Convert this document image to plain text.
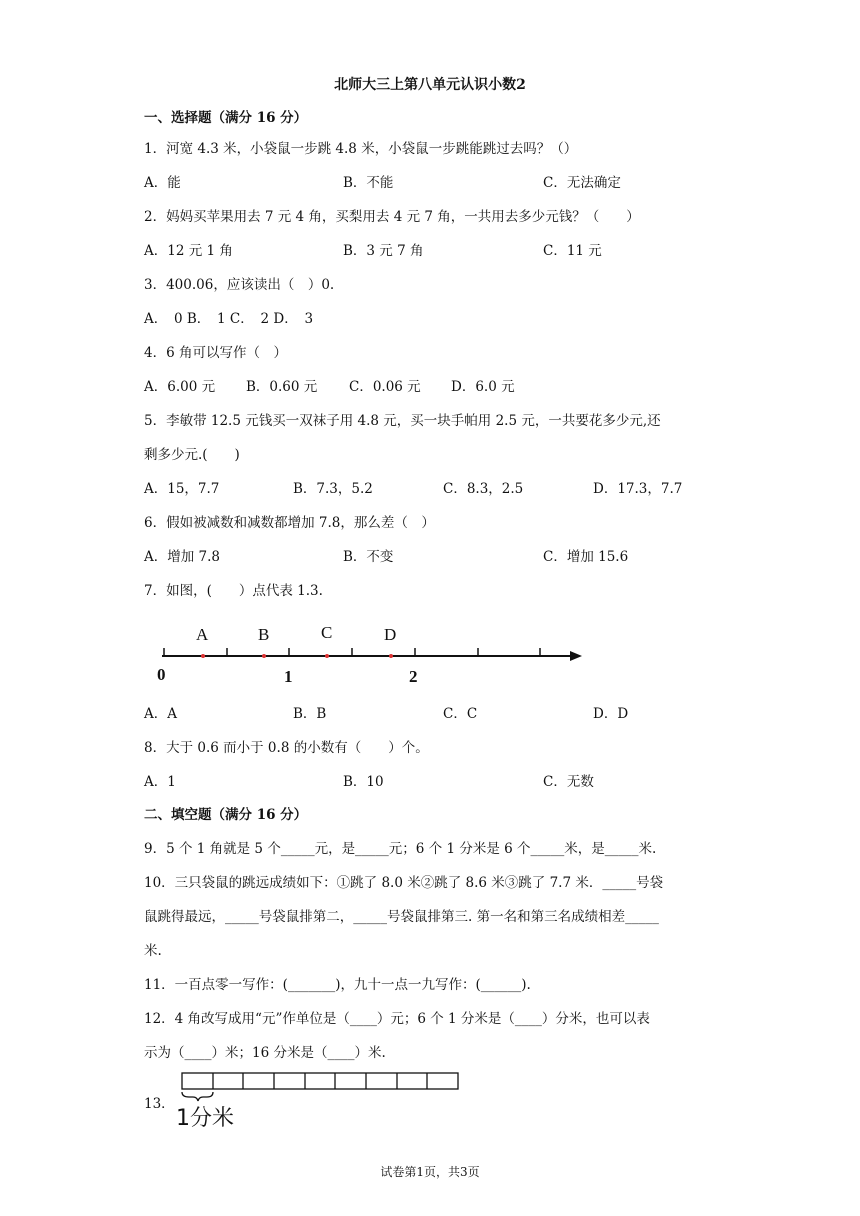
北师大三上第八单元认识小数2
一、选择题（满分 16 分）
1．河宽 4.3 米，小袋鼠一步跳 4.8 米，小袋鼠一步跳能跳过去吗？（）
A．能	B．不能	C．无法确定
2．妈妈买苹果用去 7 元 4 角，买梨用去 4 元 7 角，一共用去多少元钱？（　　）
A．12 元 1 角	B．3 元 7 角	C．11 元
3．400.06，应该读出（　）0.
A．　0 B．　1 C．　2 D．　3
4．6 角可以写作（　）
A．6.00 元 B．0.60 元 C．0.06 元 D．6.0 元
5．李敏带 12.5 元钱买一双袜子用 4.8 元，买一块手帕用 2.5 元，一共要花多少元,还
剩多少元.(　　)
A．15，7.7	B．7.3，5.2	C．8.3，2.5	D．17.3，7.7
6．假如被减数和减数都增加 7.8，那么差（　）
A．增加 7.8	B．不变	C．增加 15.6
7．如图，(　　）点代表 1.3.
A	B	C	D
0	1	2
A．A	B．B	C．C	D．D
8．大于 0.6 而小于 0.8 的小数有（　　）个。
A．1	B．10	C．无数
二、填空题（满分 16 分）
9．5 个 1 角就是 5 个_____元，是_____元；6 个 1 分米是 6 个_____米，是_____米.
10．三只袋鼠的跳远成绩如下：①跳了 8.0 米②跳了 8.6 米③跳了 7.7 米．_____号袋
鼠跳得最远，_____号袋鼠排第二，_____号袋鼠排第三. 第一名和第三名成绩相差_____
米.
11．一百点零一写作：(_______)，九十一点一九写作：(______).
12．4 角改写成用“元”作单位是（____）元；6 个 1 分米是（____）分米，也可以表
示为（____）米；16 分米是（____）米.
13．
1分米
试卷第1页，共3页
